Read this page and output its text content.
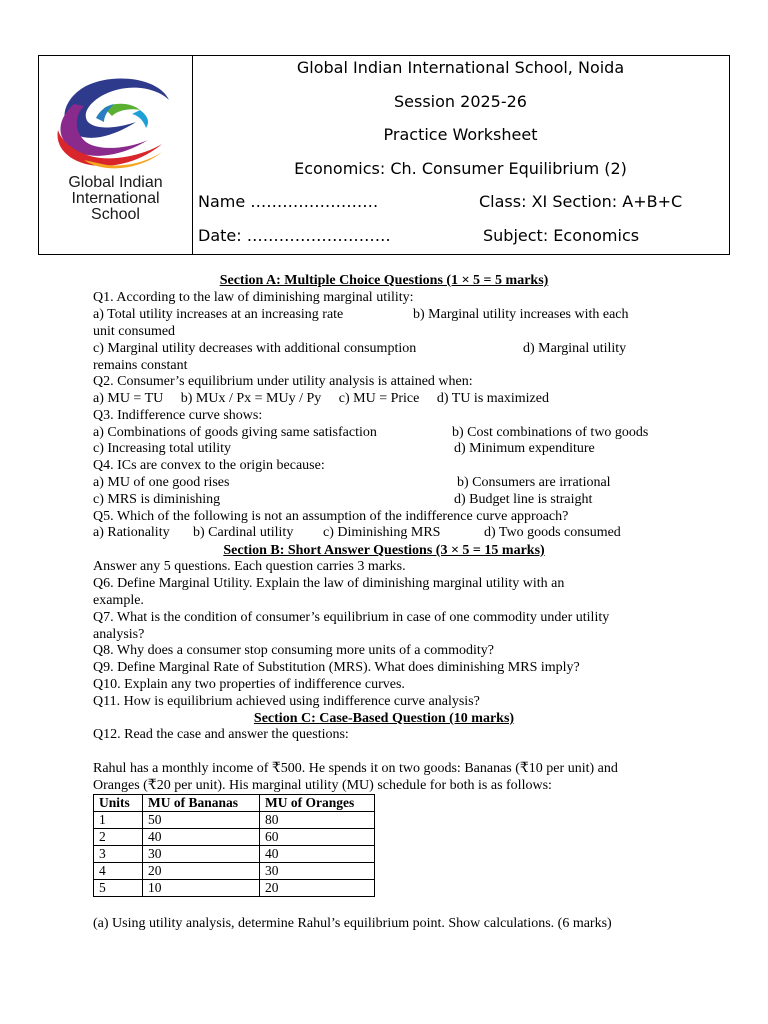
Global Indian
International
School
Global Indian International School, Noida
Session 2025-26
Practice Worksheet
Economics: Ch. Consumer Equilibrium (2)
Name ……………………	Class: XI Section: A+B+C
Date: ………………………	Subject: Economics
Section A: Multiple Choice Questions (1 × 5 = 5 marks)
Q1. According to the law of diminishing marginal utility:
a) Total utility increases at an increasing rate	b) Marginal utility increases with each
unit consumed
c) Marginal utility decreases with additional consumption	d) Marginal utility
remains constant
Q2. Consumer’s equilibrium under utility analysis is attained when:
a) MU = TU     b) MUx / Px = MUy / Py     c) MU = Price     d) TU is maximized
Q3. Indifference curve shows:
a) Combinations of goods giving same satisfaction	b) Cost combinations of two goods
c) Increasing total utility	d) Minimum expenditure
Q4. ICs are convex to the origin because:
a) MU of one good rises	b) Consumers are irrational
c) MRS is diminishing	d) Budget line is straight
Q5. Which of the following is not an assumption of the indifference curve approach?
a) Rationality b) Cardinal utility c) Diminishing MRS	d) Two goods consumed
Section B: Short Answer Questions (3 × 5 = 15 marks)
Answer any 5 questions. Each question carries 3 marks.
Q6. Define Marginal Utility. Explain the law of diminishing marginal utility with an
example.
Q7. What is the condition of consumer’s equilibrium in case of one commodity under utility
analysis?
Q8. Why does a consumer stop consuming more units of a commodity?
Q9. Define Marginal Rate of Substitution (MRS). What does diminishing MRS imply?
Q10. Explain any two properties of indifference curves.
Q11. How is equilibrium achieved using indifference curve analysis?
Section C: Case-Based Question (10 marks)
Q12. Read the case and answer the questions:
Rahul has a monthly income of ₹500. He spends it on two goods: Bananas (₹10 per unit) and
Oranges (₹20 per unit). His marginal utility (MU) schedule for both is as follows:
Units	MU of Bananas	MU of Oranges
1	50	80
2	40	60
3	30	40
4	20	30
5	10	20
(a) Using utility analysis, determine Rahul’s equilibrium point. Show calculations. (6 marks)
